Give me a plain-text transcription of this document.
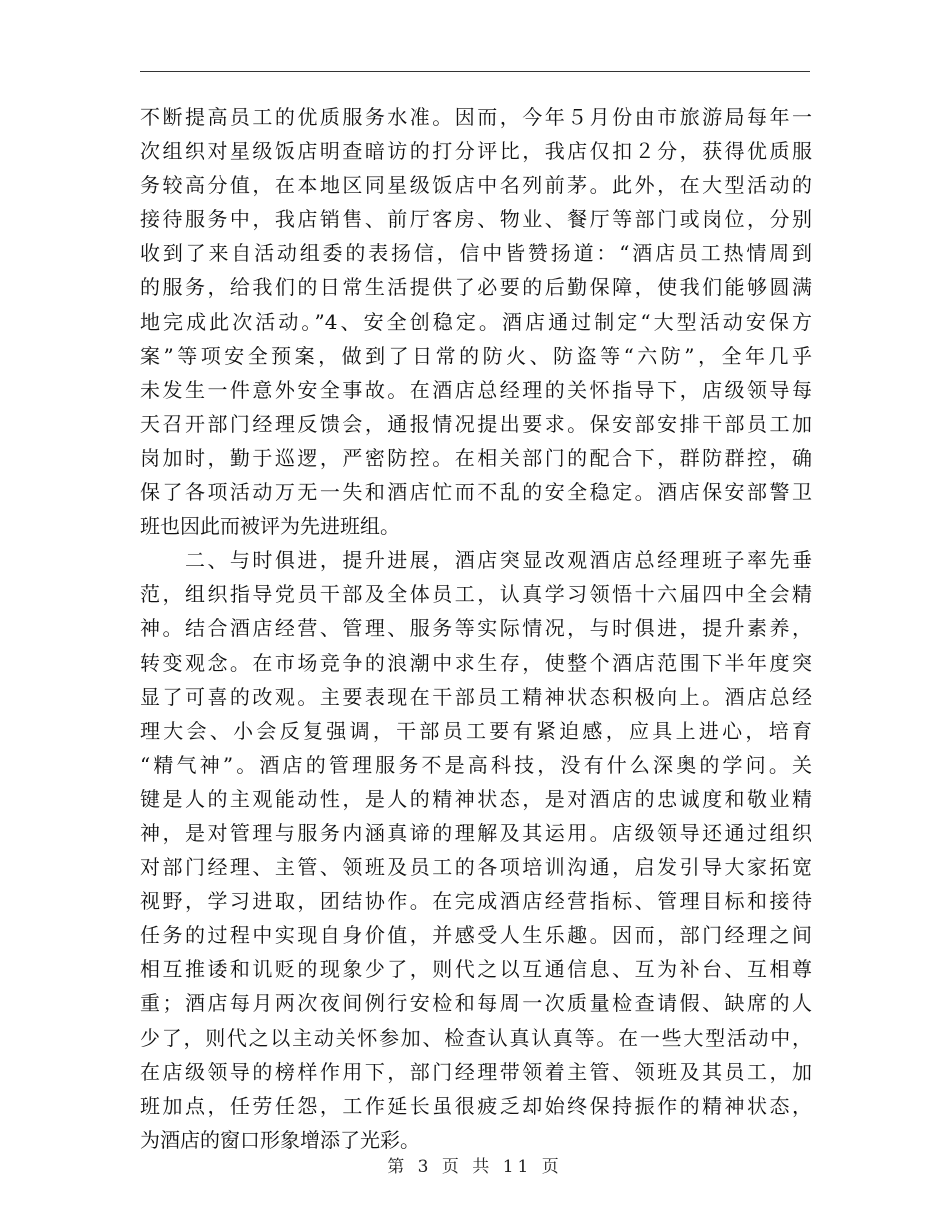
不断提高员工的优质服务水准。因而，今年５月份由市旅游局每年一
次组织对星级饭店明查暗访的打分评比，我店仅扣２分，获得优质服
务较高分值，在本地区同星级饭店中名列前茅。此外，在大型活动的
接待服务中，我店销售、前厅客房、物业、餐厅等部门或岗位，分别
收到了来自活动组委的表扬信，信中皆赞扬道：“酒店员工热情周到
的服务，给我们的日常生活提供了必要的后勤保障，使我们能够圆满
地完成此次活动。”4、安全创稳定。酒店通过制定“大型活动安保方
案”等项安全预案，做到了日常的防火、防盗等“六防”，全年几乎
未发生一件意外安全事故。在酒店总经理的关怀指导下，店级领导每
天召开部门经理反馈会，通报情况提出要求。保安部安排干部员工加
岗加时，勤于巡逻，严密防控。在相关部门的配合下，群防群控，确
保了各项活动万无一失和酒店忙而不乱的安全稳定。酒店保安部警卫
班也因此而被评为先进班组。
　　二、与时俱进，提升进展，酒店突显改观酒店总经理班子率先垂
范，组织指导党员干部及全体员工，认真学习领悟十六届四中全会精
神。结合酒店经营、管理、服务等实际情况，与时俱进，提升素养，
转变观念。在市场竞争的浪潮中求生存，使整个酒店范围下半年度突
显了可喜的改观。主要表现在干部员工精神状态积极向上。酒店总经
理大会、小会反复强调，干部员工要有紧迫感，应具上进心，培育
“精气神”。酒店的管理服务不是高科技，没有什么深奥的学问。关
键是人的主观能动性，是人的精神状态，是对酒店的忠诚度和敬业精
神，是对管理与服务内涵真谛的理解及其运用。店级领导还通过组织
对部门经理、主管、领班及员工的各项培训沟通，启发引导大家拓宽
视野，学习进取，团结协作。在完成酒店经营指标、管理目标和接待
任务的过程中实现自身价值，并感受人生乐趣。因而，部门经理之间
相互推诿和讥贬的现象少了，则代之以互通信息、互为补台、互相尊
重；酒店每月两次夜间例行安检和每周一次质量检查请假、缺席的人
少了，则代之以主动关怀参加、检查认真认真等。在一些大型活动中，
在店级领导的榜样作用下，部门经理带领着主管、领班及其员工，加
班加点，任劳任怨，工作延长虽很疲乏却始终保持振作的精神状态，
为酒店的窗口形象增添了光彩。
第 3 页 共 11 页
